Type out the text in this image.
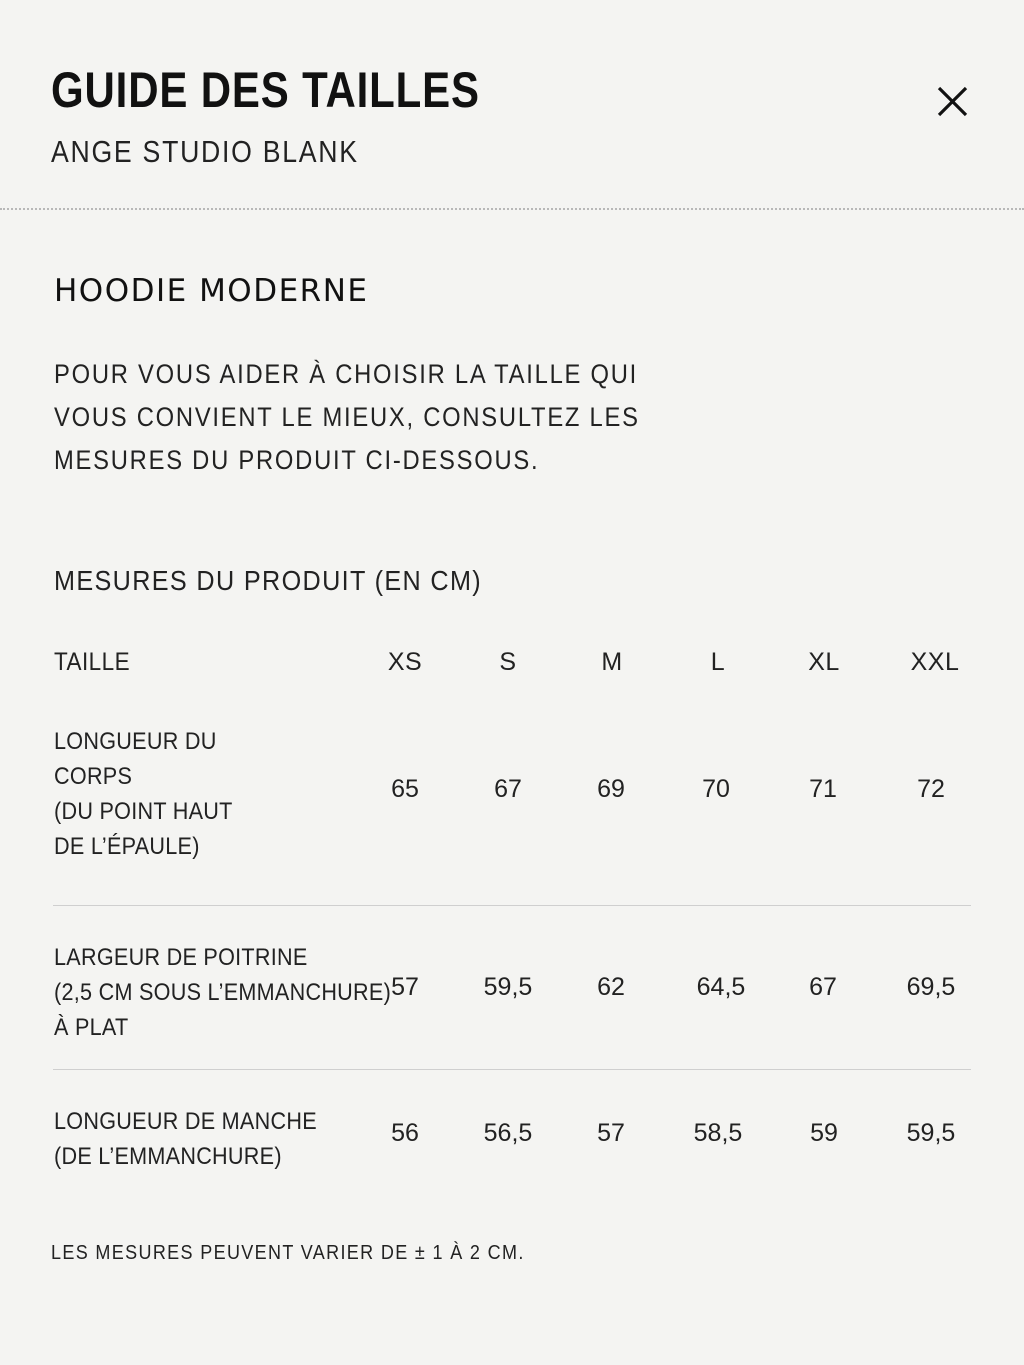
GUIDE DES TAILLES
ANGE STUDIO BLANK
HOODIE MODERNE
POUR VOUS AIDER À CHOISIR LA TAILLE QUI
VOUS CONVIENT LE MIEUX, CONSULTEZ LES
MESURES DU PRODUIT CI-DESSOUS.
MESURES DU PRODUIT (EN CM)
TAILLE	XS	S	M	L	XL	XXL
LONGUEUR DU
CORPS
(DU POINT HAUT
DE L’ÉPAULE)
65	67	69	70	71	72
LARGEUR DE POITRINE
(2,5 CM SOUS L’EMMANCHURE)
À PLAT
57	59,5	62	64,5	67	69,5
LONGUEUR DE MANCHE
(DE L’EMMANCHURE)
56	56,5	57	58,5	59	59,5
LES MESURES PEUVENT VARIER DE ± 1 À 2 CM.
